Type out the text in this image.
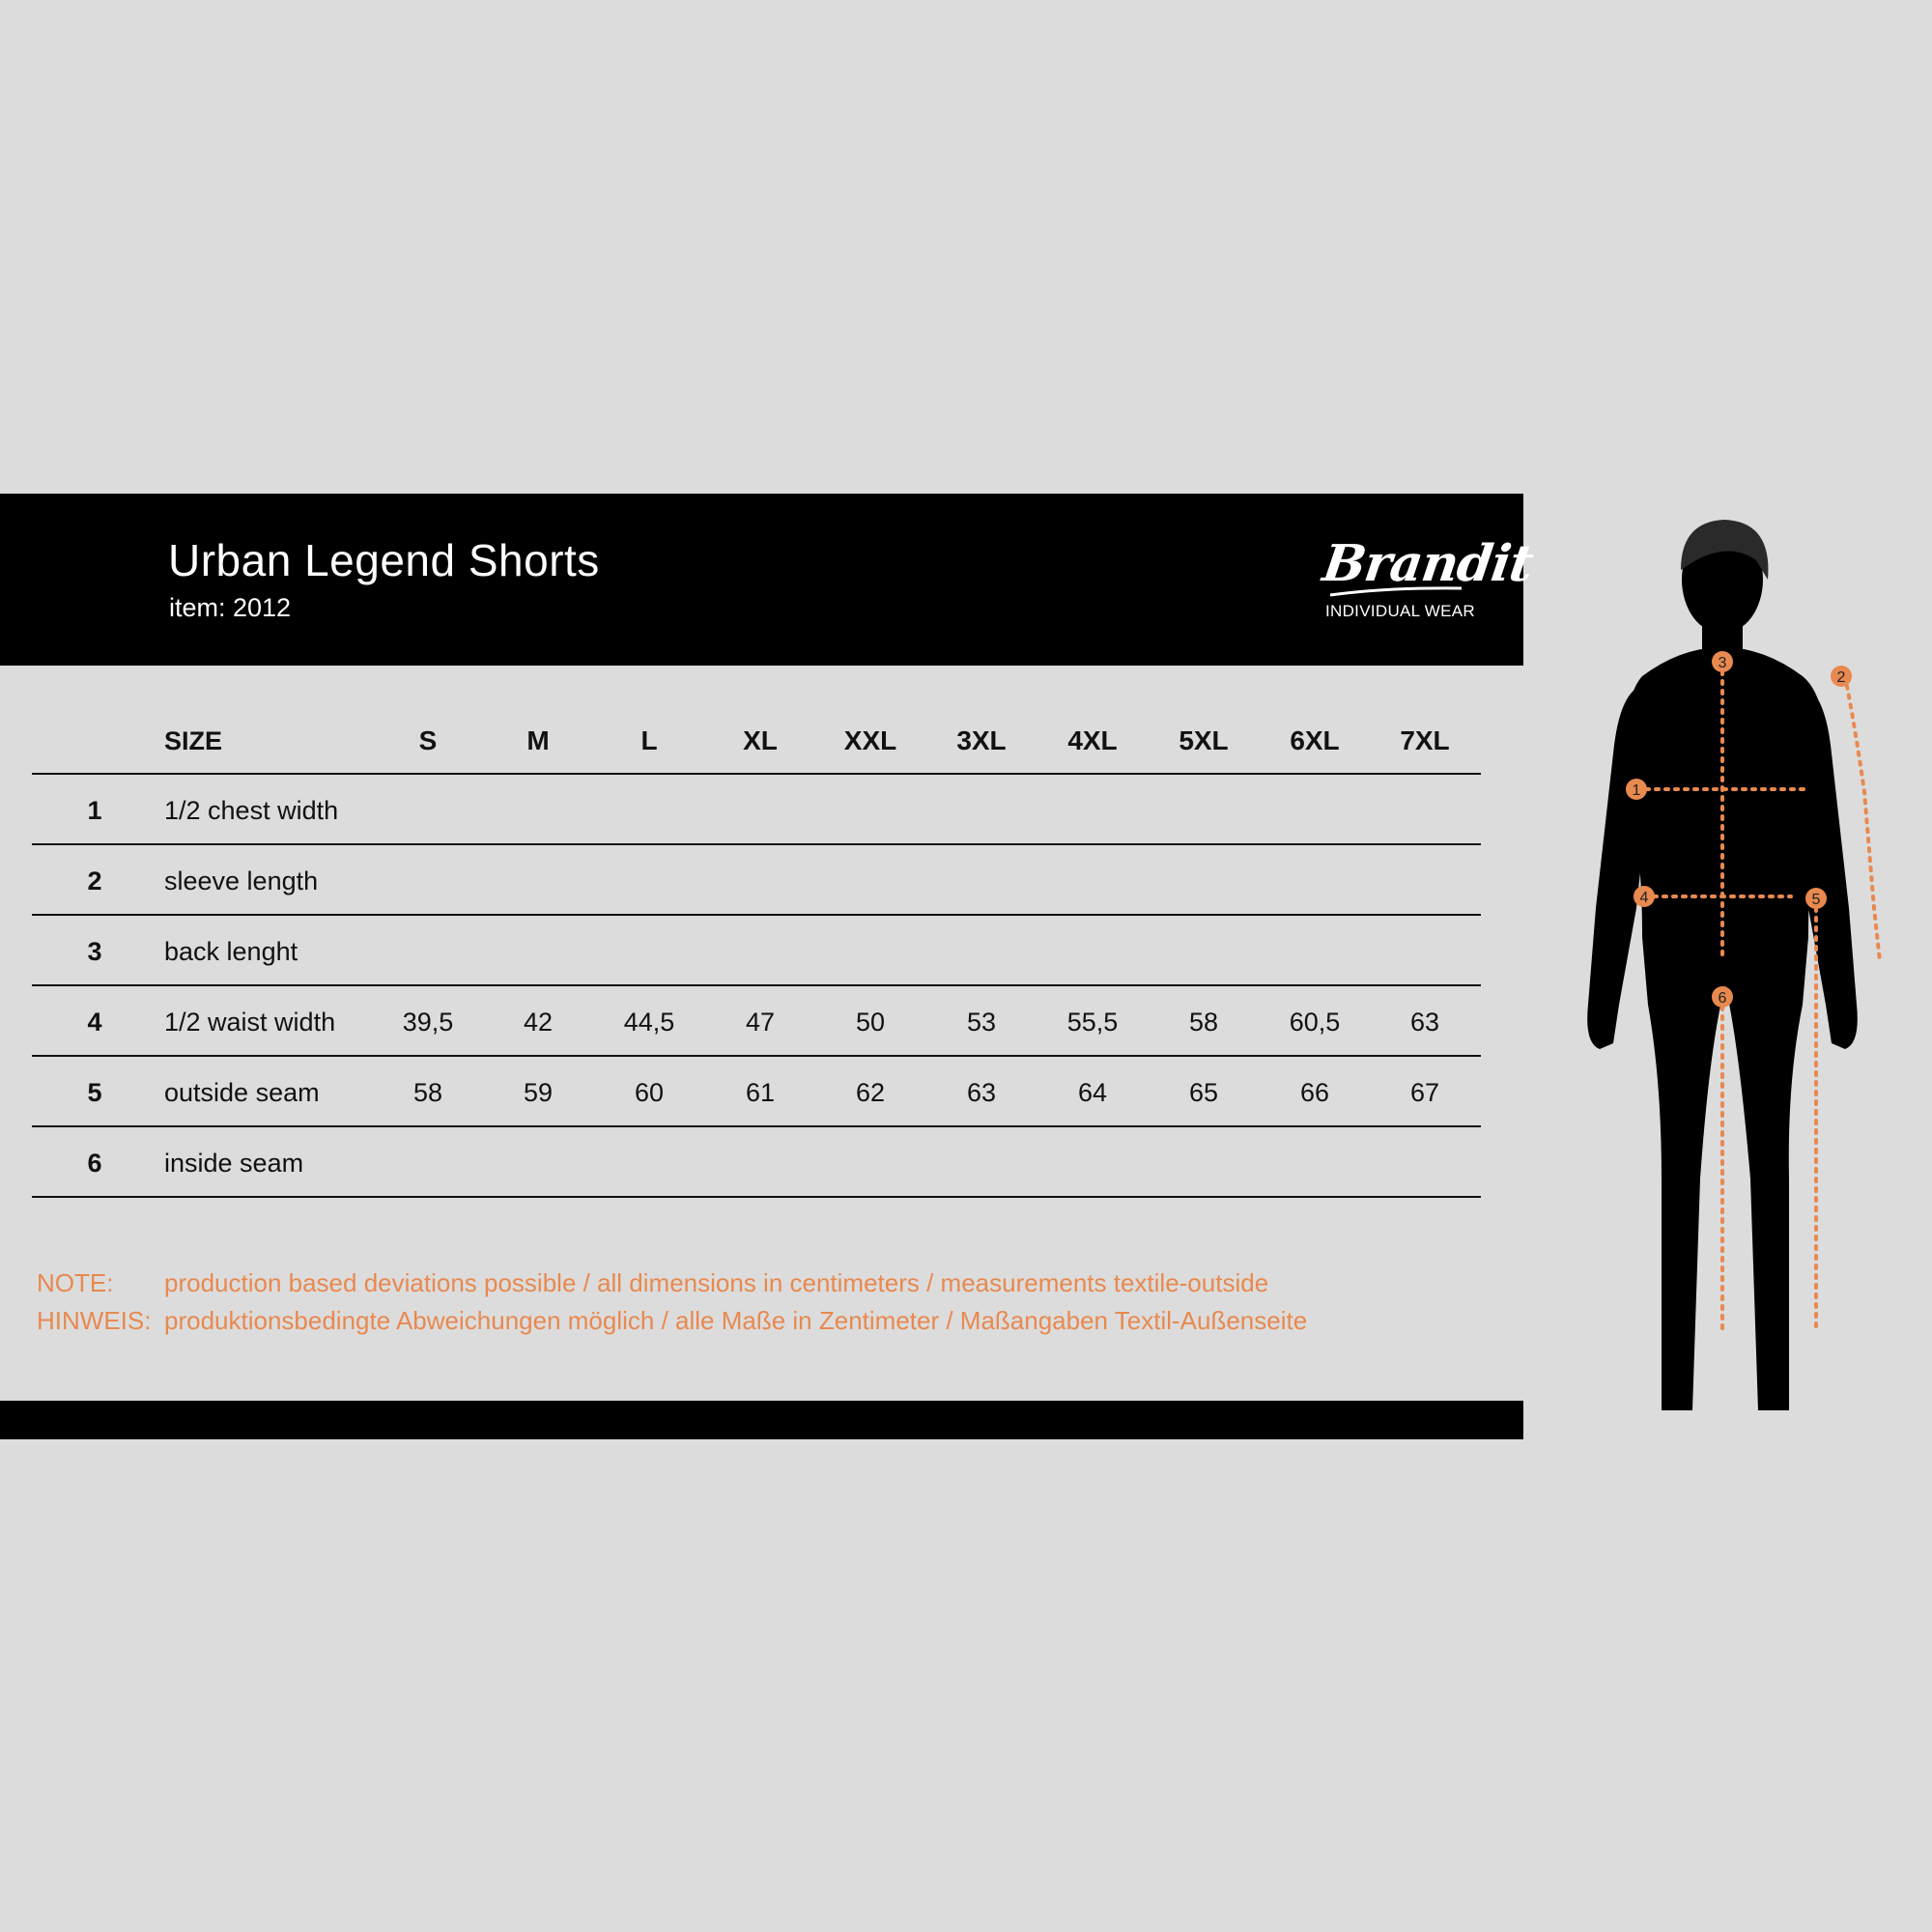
Urban Legend Shorts
item: 2012
Brandit
INDIVIDUAL WEAR
SIZE	S	M	L	XL	XXL	3XL	4XL	5XL	6XL	7XL
1	1/2 chest width
2	sleeve length
3	back lenght
4	1/2 waist width	39,5	42	44,5	47	50	53	55,5	58	60,5	63
5	outside seam	58	59	60	61	62	63	64	65	66	67
6	inside seam
NOTE: production based deviations possible / all dimensions in centimeters / measurements textile-outside
HINWEIS: produktionsbedingte Abweichungen möglich / alle Maße in Zentimeter / Maßangaben Textil-Außenseite
1
2
3
4	5
6
